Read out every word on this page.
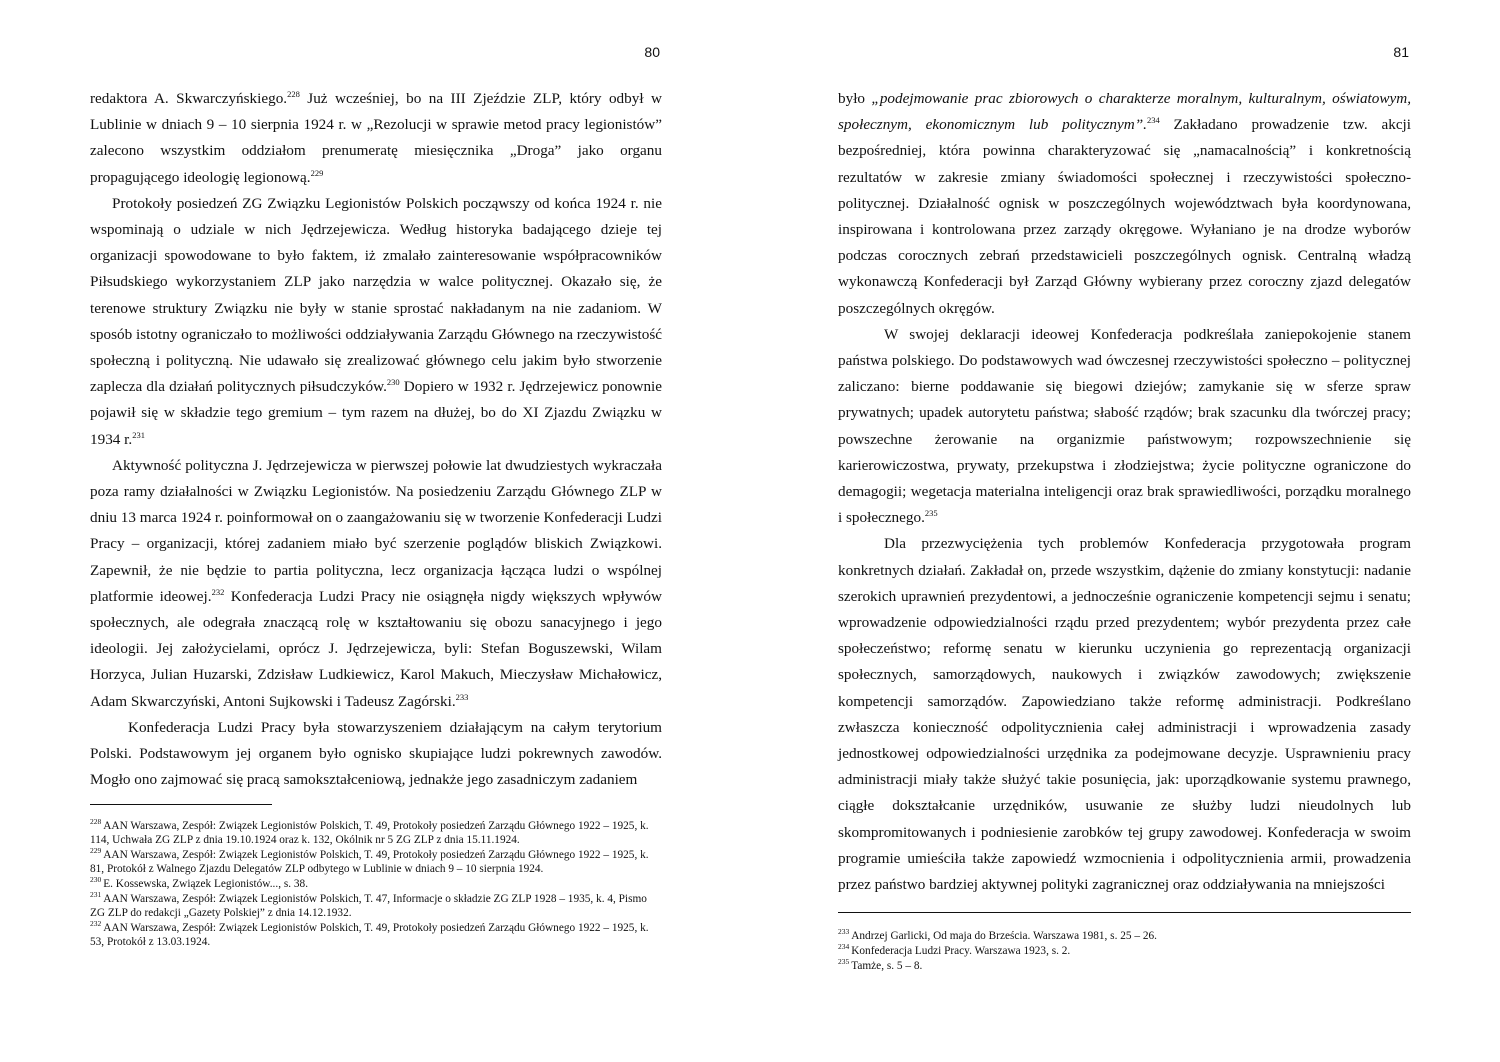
80

redaktora A. Skwarczyńskiego.$^{228}$ Już wcześniej, bo na III Zjeździe ZLP, który odbył w Lublinie w dniach 9 – 10 sierpnia 1924 r. w „Rezolucji w sprawie metod pracy legionistów” zalecono wszystkim oddziałom prenumeratę miesięcznika „Droga” jako organu propagującego ideologię legionową.$^{229}$

Protokoły posiedzeń ZG Związku Legionistów Polskich począwszy od końca 1924 r. nie wspominają o udziale w nich Jędrzejewicza. Według historyka badającego dzieje tej organizacji spowodowane to było faktem, iż zmalało zainteresowanie współpracowników Piłsudskiego wykorzystaniem ZLP jako narzędzia w walce politycznej. Okazało się, że terenowe struktury Związku nie były w stanie sprostać nakładanym na nie zadaniom. W sposób istotny ograniczało to możliwości oddziaływania Zarządu Głównego na rzeczywistość społeczną i polityczną. Nie udawało się zrealizować głównego celu jakim było stworzenie zaplecza dla działań politycznych piłsudczyków.$^{230}$ Dopiero w 1932 r. Jędrzejewicz ponownie pojawił się w składzie tego gremium – tym razem na dłużej, bo do XI Zjazdu Związku w 1934 r.$^{231}$

Aktywność polityczna J. Jędrzejewicza w pierwszej połowie lat dwudziestych wykraczała poza ramy działalności w Związku Legionistów. Na posiedzeniu Zarządu Głównego ZLP w dniu 13 marca 1924 r. poinformował on o zaangażowaniu się w tworzenie Konfederacji Ludzi Pracy – organizacji, której zadaniem miało być szerzenie poglądów bliskich Związkowi. Zapewnił, że nie będzie to partia polityczna, lecz organizacja łącząca ludzi o wspólnej platformie ideowej.$^{232}$ Konfederacja Ludzi Pracy nie osiągnęła nigdy większych wpływów społecznych, ale odegrała znaczącą rolę w kształtowaniu się obozu sanacyjnego i jego ideologii. Jej założycielami, oprócz J. Jędrzejewicza, byli: Stefan Boguszewski, Wilam Horzyca, Julian Huzarski, Zdzisław Ludkiewicz, Karol Makuch, Mieczysław Michałowicz, Adam Skwarczyński, Antoni Sujkowski i Tadeusz Zagórski.$^{233}$

Konfederacja Ludzi Pracy była stowarzyszeniem działającym na całym terytorium Polski. Podstawowym jej organem było ognisko skupiające ludzi pokrewnych zawodów. Mogło ono zajmować się pracą samokształceniową, jednakże jego zasadniczym zadaniem

$^{228}$ AAN Warszawa, Zespół: Związek Legionistów Polskich, T. 49, Protokoły posiedzeń Zarządu Głównego 1922 – 1925, k. 114, Uchwała ZG ZLP z dnia 19.10.1924 oraz k. 132, Okólnik nr 5 ZG ZLP z dnia 15.11.1924.
$^{229}$ AAN Warszawa, Zespół: Związek Legionistów Polskich, T. 49, Protokoły posiedzeń Zarządu Głównego 1922 – 1925, k. 81, Protokół z Walnego Zjazdu Delegatów ZLP odbytego w Lublinie w dniach 9 – 10 sierpnia 1924.
$^{230}$ E. Kossewska, Związek Legionistów..., s. 38.
$^{231}$ AAN Warszawa, Zespół: Związek Legionistów Polskich, T. 47, Informacje o składzie ZG ZLP 1928 – 1935, k. 4, Pismo ZG ZLP do redakcji „Gazety Polskiej” z dnia 14.12.1932.
$^{232}$ AAN Warszawa, Zespół: Związek Legionistów Polskich, T. 49, Protokoły posiedzeń Zarządu Głównego 1922 – 1925, k. 53, Protokół z 13.03.1924.
81

było „podejmowanie prac zbiorowych o charakterze moralnym, kulturalnym, oświatowym, społecznym, ekonomicznym lub politycznym”.$^{234}$ Zakładano prowadzenie tzw. akcji bezpośredniej, która powinna charakteryzować się „namacalnością” i konkretnością rezultatów w zakresie zmiany świadomości społecznej i rzeczywistości społeczno-politycznej. Działalność ognisk w poszczególnych województwach była koordynowana, inspirowana i kontrolowana przez zarządy okręgowe. Wyłaniano je na drodze wyborów podczas corocznych zebrań przedstawicieli poszczególnych ognisk. Centralną władzą wykonawczą Konfederacji był Zarząd Główny wybierany przez coroczny zjazd delegatów poszczególnych okręgów.

W swojej deklaracji ideowej Konfederacja podkreślała zaniepokojenie stanem państwa polskiego. Do podstawowych wad ówczesnej rzeczywistości społeczno – politycznej zaliczano: bierne poddawanie się biegowi dziejów; zamykanie się w sferze spraw prywatnych; upadek autorytetu państwa; słabość rządów; brak szacunku dla twórczej pracy; powszechne żerowanie na organizmie państwowym; rozpowszechnienie się karierowiczostwa, prywaty, przekupstwa i złodziejstwa; życie polityczne ograniczone do demagogii; wegetacja materialna inteligencji oraz brak sprawiedliwości, porządku moralnego i społecznego.$^{235}$

Dla przezwyciężenia tych problemów Konfederacja przygotowała program konkretnych działań. Zakładał on, przede wszystkim, dążenie do zmiany konstytucji: nadanie szerokich uprawnień prezydentowi, a jednocześnie ograniczenie kompetencji sejmu i senatu; wprowadzenie odpowiedzialności rządu przed prezydentem; wybór prezydenta przez całe społeczeństwo; reformę senatu w kierunku uczynienia go reprezentacją organizacji społecznych, samorządowych, naukowych i związków zawodowych; zwiększenie kompetencji samorządów. Zapowiedziano także reformę administracji. Podkreślano zwłaszcza konieczność odpolitycznienia całej administracji i wprowadzenia zasady jednostkowej odpowiedzialności urzędnika za podejmowane decyzje. Usprawnieniu pracy administracji miały także służyć takie posunięcia, jak: uporządkowanie systemu prawnego, ciągłe dokształcanie urzędników, usuwanie ze służby ludzi nieudolnych lub skompromitowanych i podniesienie zarobków tej grupy zawodowej. Konfederacja w swoim programie umieściła także zapowiedź wzmocnienia i odpolitycznienia armii, prowadzenia przez państwo bardziej aktywnej polityki zagranicznej oraz oddziaływania na mniejszości

$^{233}$ Andrzej Garlicki, Od maja do Brześcia. Warszawa 1981, s. 25 – 26.
$^{234}$ Konfederacja Ludzi Pracy. Warszawa 1923, s. 2.
$^{235}$ Tamże, s. 5 – 8.
